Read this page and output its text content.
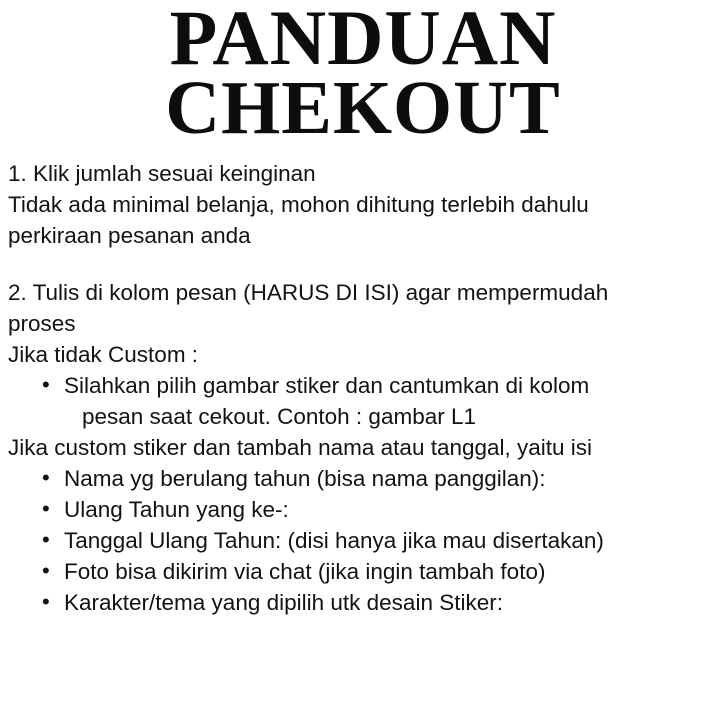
PANDUAN
CHEKOUT

1. Klik jumlah sesuai keinginan

Tidak ada minimal belanja, mohon dihitung terlebih dahulu

perkiraan pesanan anda

2. Tulis di kolom pesan (HARUS DI ISI) agar mempermudah

proses

Jika tidak Custom :

• Silahkan pilih gambar stiker dan cantumkan di kolom
pesan saat cekout. Contoh : gambar L1

Jika custom stiker dan tambah nama atau tanggal, yaitu isi

• Nama yg berulang tahun (bisa nama panggilan):
• Ulang Tahun yang ke-:
• Tanggal Ulang Tahun: (disi hanya jika mau disertakan)
• Foto bisa dikirim via chat (jika ingin tambah foto)
• Karakter/tema yang dipilih utk desain Stiker:
